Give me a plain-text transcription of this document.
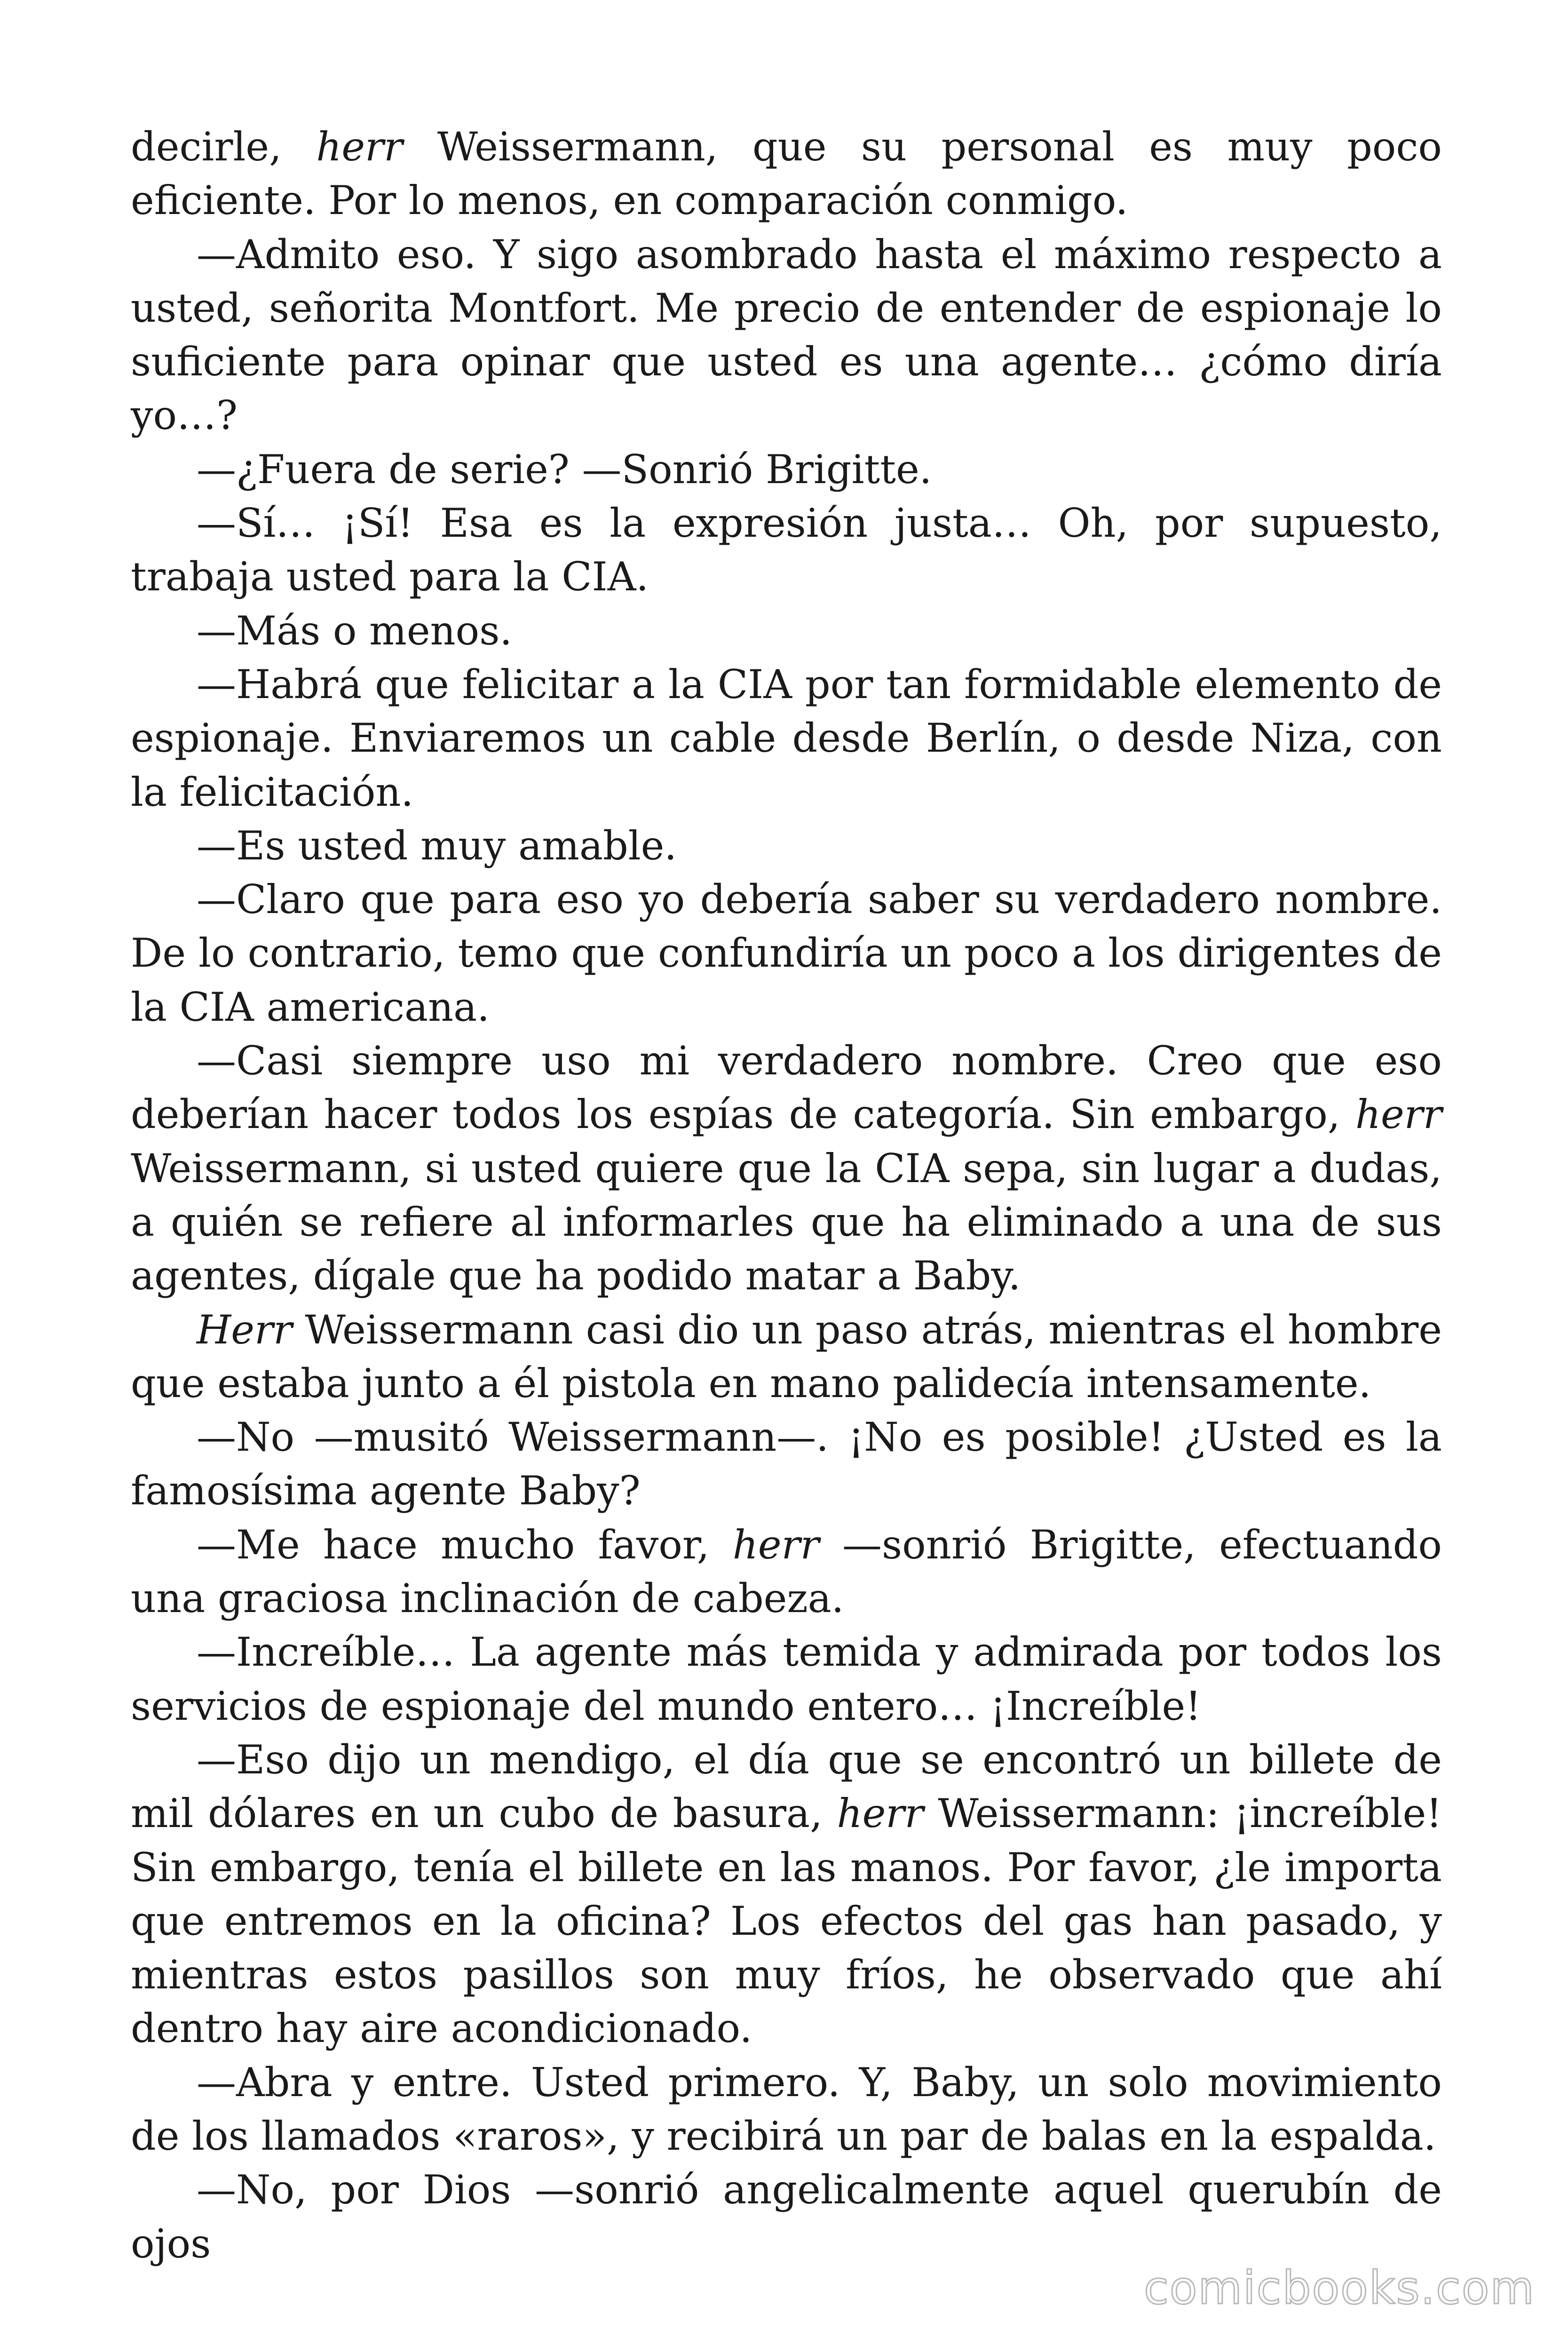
decirle, herr Weissermann, que su personal es muy poco eficiente. Por lo menos, en comparación conmigo.

—Admito eso. Y sigo asombrado hasta el máximo respecto a usted, señorita Montfort. Me precio de entender de espionaje lo suficiente para opinar que usted es una agente… ¿cómo diría yo…?

—¿Fuera de serie? —Sonrió Brigitte.

—Sí… ¡Sí! Esa es la expresión justa… Oh, por supuesto, trabaja usted para la CIA.

—Más o menos.

—Habrá que felicitar a la CIA por tan formidable elemento de espionaje. Enviaremos un cable desde Berlín, o desde Niza, con la felicitación.

—Es usted muy amable.

—Claro que para eso yo debería saber su verdadero nombre. De lo contrario, temo que confundiría un poco a los dirigentes de la CIA americana.

—Casi siempre uso mi verdadero nombre. Creo que eso deberían hacer todos los espías de categoría. Sin embargo, herr Weissermann, si usted quiere que la CIA sepa, sin lugar a dudas, a quién se refiere al informarles que ha eliminado a una de sus agentes, dígale que ha podido matar a Baby.

Herr Weissermann casi dio un paso atrás, mientras el hombre que estaba junto a él pistola en mano palidecía intensamente.

—No —musitó Weissermann—. ¡No es posible! ¿Usted es la famosísima agente Baby?

—Me hace mucho favor, herr —sonrió Brigitte, efectuando una graciosa inclinación de cabeza.

—Increíble… La agente más temida y admirada por todos los servicios de espionaje del mundo entero… ¡Increíble!

—Eso dijo un mendigo, el día que se encontró un billete de mil dólares en un cubo de basura, herr Weissermann: ¡increíble! Sin embargo, tenía el billete en las manos. Por favor, ¿le importa que entremos en la oficina? Los efectos del gas han pasado, y mientras estos pasillos son muy fríos, he observado que ahí dentro hay aire acondicionado.

—Abra y entre. Usted primero. Y, Baby, un solo movimiento de los llamados «raros», y recibirá un par de balas en la espalda.

—No, por Dios —sonrió angelicalmente aquel querubín de ojos

comicbooks.com
